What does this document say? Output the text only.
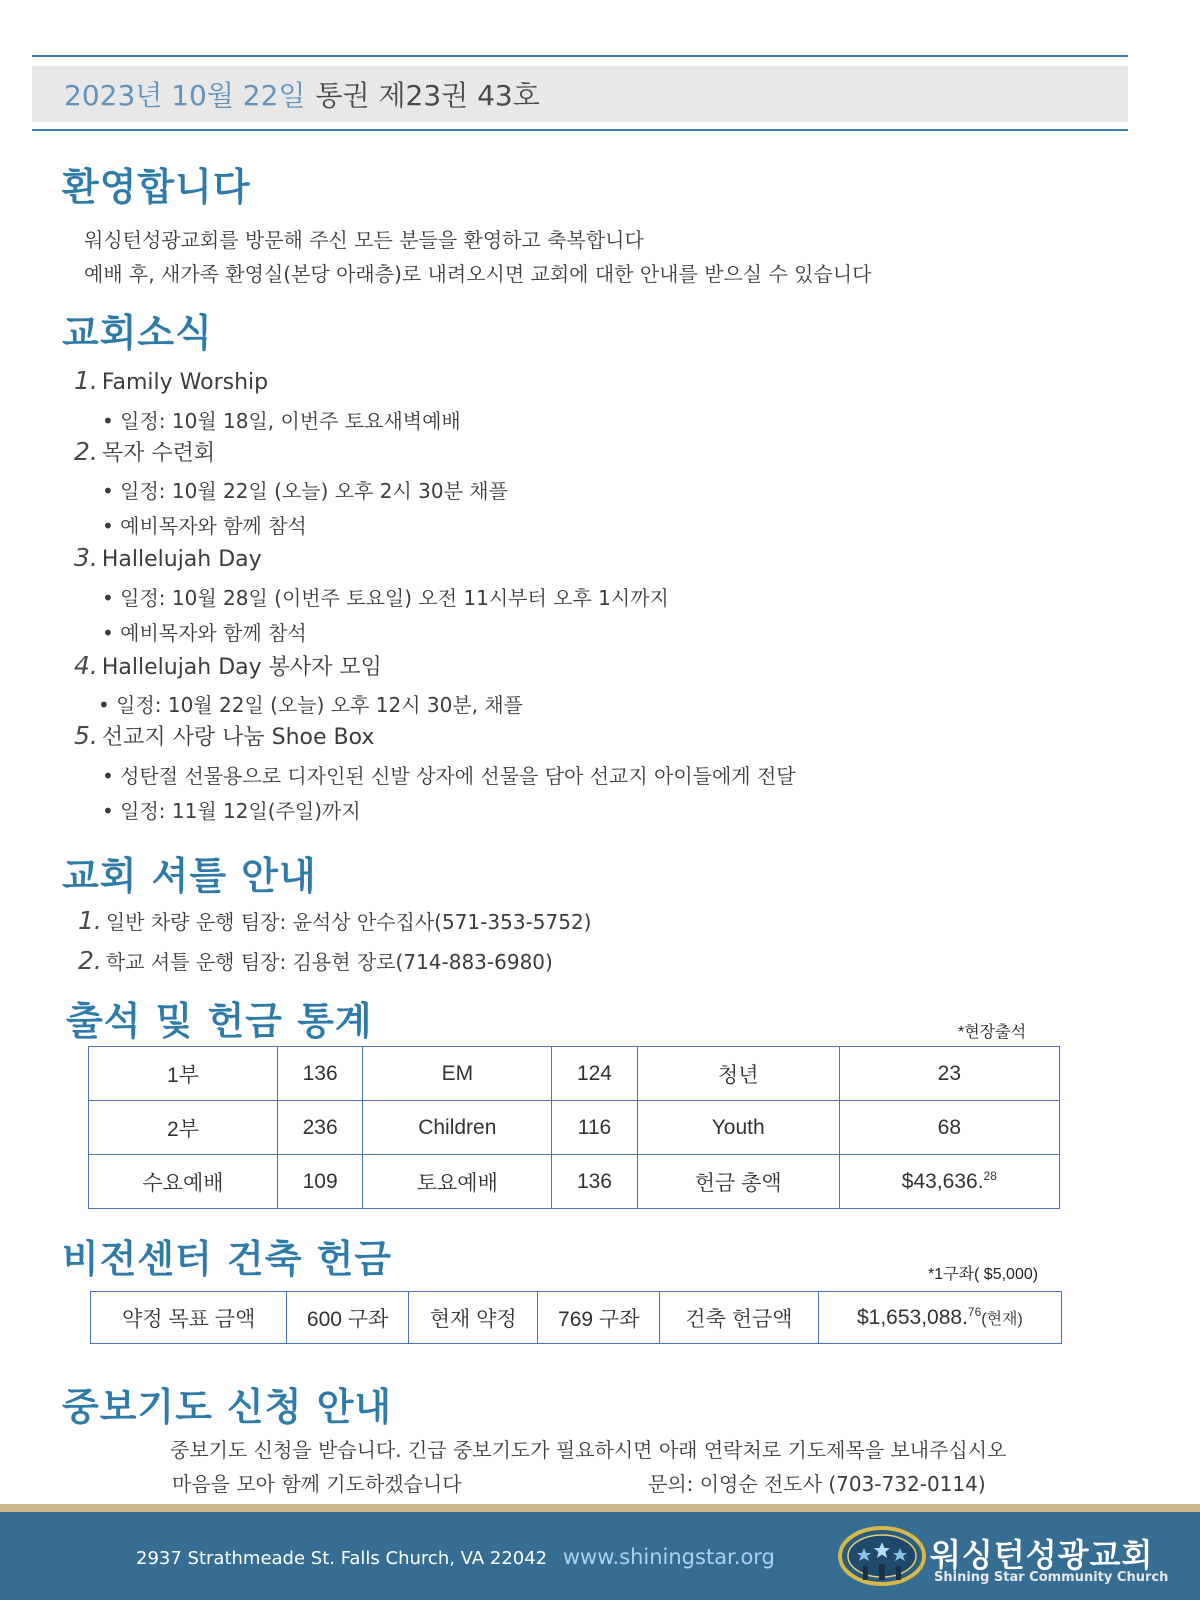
2023년 10월 22일 통권 제23권 43호
환영합니다
워싱턴성광교회를 방문해 주신 모든 분들을 환영하고 축복합니다
예배 후, 새가족 환영실(본당 아래층)로 내려오시면 교회에 대한 안내를 받으실 수 있습니다
교회소식
1. Family Worship
• 일정: 10월 18일, 이번주 토요새벽예배
2. 목자 수련회
• 일정: 10월 22일 (오늘) 오후 2시 30분 채플
• 예비목자와 함께 참석
3. Hallelujah Day
• 일정: 10월 28일 (이번주 토요일) 오전 11시부터 오후 1시까지
• 예비목자와 함께 참석
4. Hallelujah Day 봉사자 모임
• 일정: 10월 22일 (오늘) 오후 12시 30분, 채플
5. 선교지 사랑 나눔 Shoe Box
• 성탄절 선물용으로 디자인된 신발 상자에 선물을 담아 선교지 아이들에게 전달
• 일정: 11월 12일(주일)까지
교회 셔틀 안내
1. 일반 차량 운행 팀장: 윤석상 안수집사(571-353-5752)
2. 학교 셔틀 운행 팀장: 김용현 장로(714-883-6980)
출석 및 헌금 통계	*현장출석
1부	136	EM	124	청년	23
2부	236	Children	116	Youth	68
수요예배	109	토요예배	136	헌금 총액	$43,636.28
비전센터 건축 헌금	*1구좌( $5,000)
약정 목표 금액	600 구좌	현재 약정	769 구좌	건축 헌금액	$1,653,088.76(현재)
중보기도 신청 안내
중보기도 신청을 받습니다. 긴급 중보기도가 필요하시면 아래 연락처로 기도제목을 보내주십시오
마음을 모아 함께 기도하겠습니다	문의: 이영순 전도사 (703-732-0114)
2937 Strathmeade St. Falls Church, VA 22042 www.shiningstar.org	워싱턴성광교회
Shining Star Community Church
